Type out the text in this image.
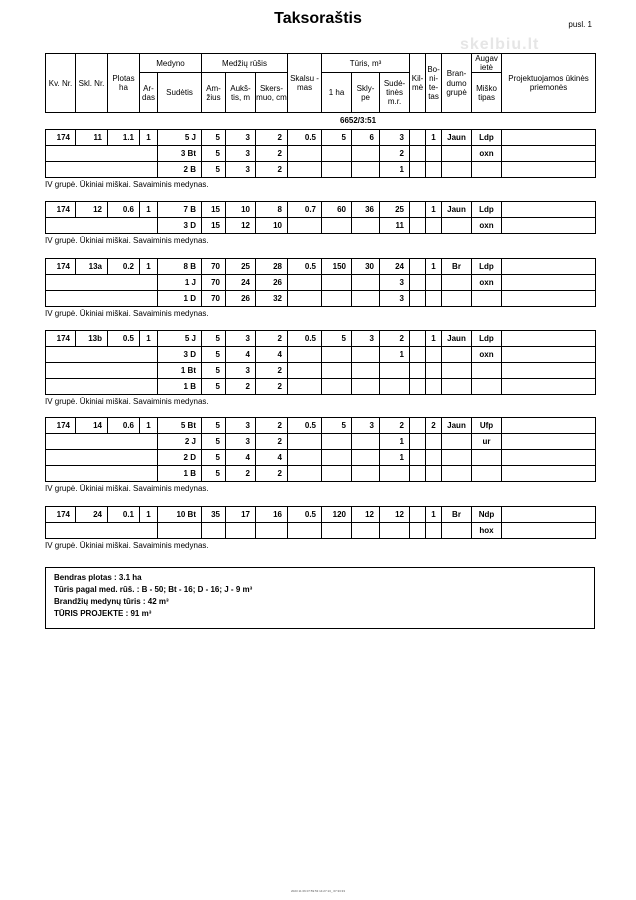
Taksoraštis	pusl. 1
skelbiu.lt
Kv. Nr.	Skl. Nr.	Plotas ha	Medyno		Medžių rūšis			Skalsu - mas	Tūris, m³			Kil- mė	Bo- ni- te- tas	Bran- dumo grupė	Augav ietė	Projektuojamos ūkinės priemonės
			Ar- das	Sudėtis	Am- žius	Aukš- tis, m	Skers- muo, cm		1 ha	Skly- pe	Sudė- tinės m.r.				Miško tipas	
6652/3:51
174	11	1.1	1	5 J	5	3	2	0.5	5	6	3		1	Jaun	Ldp	
				3 Bt	5	3	2				2				oxn	
				2 B	5	3	2				1					
IV grupė. Ūkiniai miškai. Savaiminis medynas.
174	12	0.6	1	7 B	15	10	8	0.7	60	36	25		1	Jaun	Ldp	
				3 D	15	12	10				11				oxn	
IV grupė. Ūkiniai miškai. Savaiminis medynas.
174	13a	0.2	1	8 B	70	25	28	0.5	150	30	24		1	Br	Ldp	
				1 J	70	24	26				3				oxn	
				1 D	70	26	32				3					
IV grupė. Ūkiniai miškai. Savaiminis medynas.
174	13b	0.5	1	5 J	5	3	2	0.5	5	3	2		1	Jaun	Ldp	
				3 D	5	4	4				1				oxn	
				1 Bt	5	3	2									
				1 B	5	2	2									
IV grupė. Ūkiniai miškai. Savaiminis medynas.
174	14	0.6	1	5 Bt	5	3	2	0.5	5	3	2		2	Jaun	Ufp	
				2 J	5	3	2				1				ur	
				2 D	5	4	4				1					
				1 B	5	2	2									
IV grupė. Ūkiniai miškai. Savaiminis medynas.
174	24	0.1	1	10 Bt	35	17	16	0.5	120	12	12		1	Br	Ndp	
															hox	
IV grupė. Ūkiniai miškai. Savaiminis medynas.
Bendras plotas : 3.1 ha
Tūris pagal med. rūš. : B - 50; Bt - 16; D - 16; J - 9 m³
Brandžių medynų tūris : 42 m³
TŪRIS PROJEKTE : 91 m³
2023 11 06 07:59:53 14:27:13_ 07:33:33
